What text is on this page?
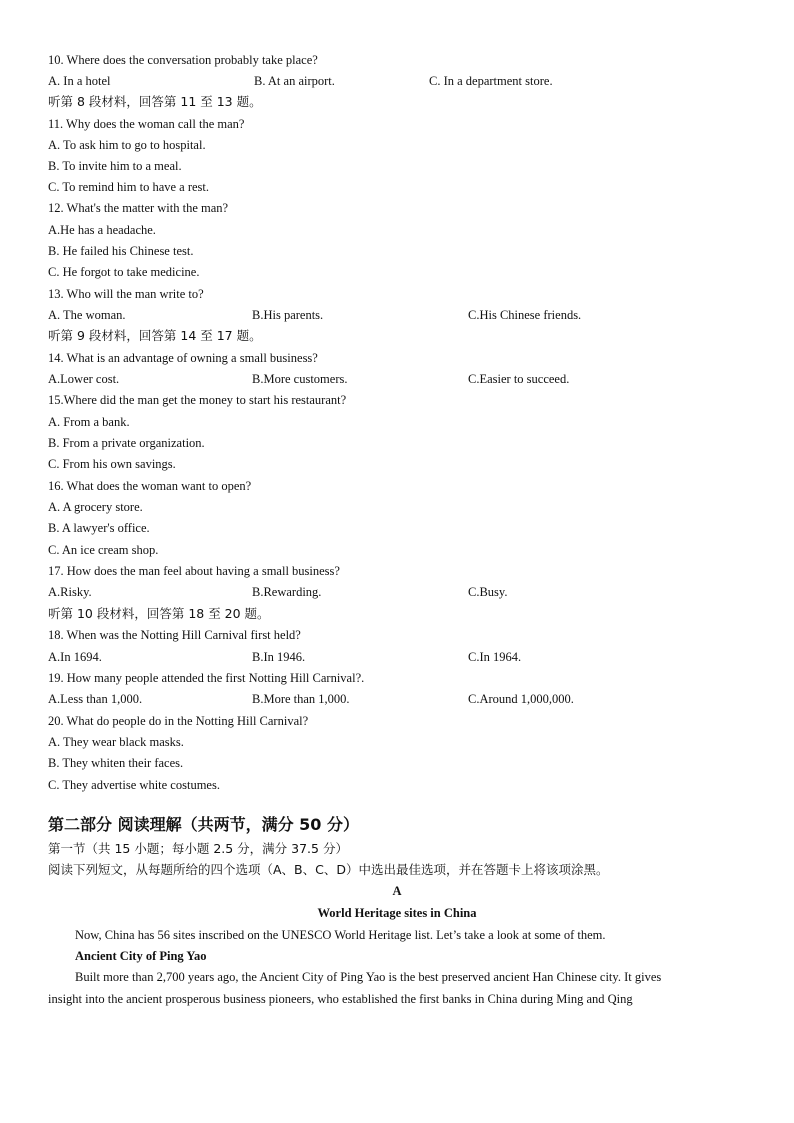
10. Where does the conversation probably take place?
A. In a hotel	B. At an airport.	C. In a department store.
听第 8 段材料，回答第 11 至 13 题。
11. Why does the woman call the man?
A. To ask him to go to hospital.
B. To invite him to a meal.
C. To remind him to have a rest.
12. What's the matter with the man?
A.He has a headache.
B. He failed his Chinese test.
C. He forgot to take medicine.
13. Who will the man write to?
A. The woman.	B.His parents.	C.His Chinese friends.
听第 9 段材料，回答第 14 至 17 题。
14. What is an advantage of owning a small business?
A.Lower cost.	B.More customers.	C.Easier to succeed.
15.Where did the man get the money to start his restaurant?
A. From a bank.
B. From a private organization.
C. From his own savings.
16. What does the woman want to open?
A. A grocery store.
B. A lawyer's office.
C. An ice cream shop.
17. How does the man feel about having a small business?
A.Risky.	B.Rewarding.	C.Busy.
听第 10 段材料，回答第 18 至 20 题。
18. When was the Notting Hill Carnival first held?
A.In 1694.	B.In 1946.	C.In 1964.
19. How many people attended the first Notting Hill Carnival?.
A.Less than 1,000.	B.More than 1,000.	C.Around 1,000,000.
20. What do people do in the Notting Hill Carnival?
A. They wear black masks.
B. They whiten their faces.
C. They advertise white costumes.
第二部分 阅读理解（共两节，满分 50 分）
第一节（共 15 小题；每小题 2.5 分，满分 37.5 分）
阅读下列短文，从每题所给的四个选项（A、B、C、D）中选出最佳选项，并在答题卡上将该项涂黑。
A
World Heritage sites in China
Now, China has 56 sites inscribed on the UNESCO World Heritage list. Let’s take a look at some of them.
Ancient City of Ping Yao
Built more than 2,700 years ago, the Ancient City of Ping Yao is the best preserved ancient Han Chinese city. It gives
insight into the ancient prosperous business pioneers, who established the first banks in China during Ming and Qing
